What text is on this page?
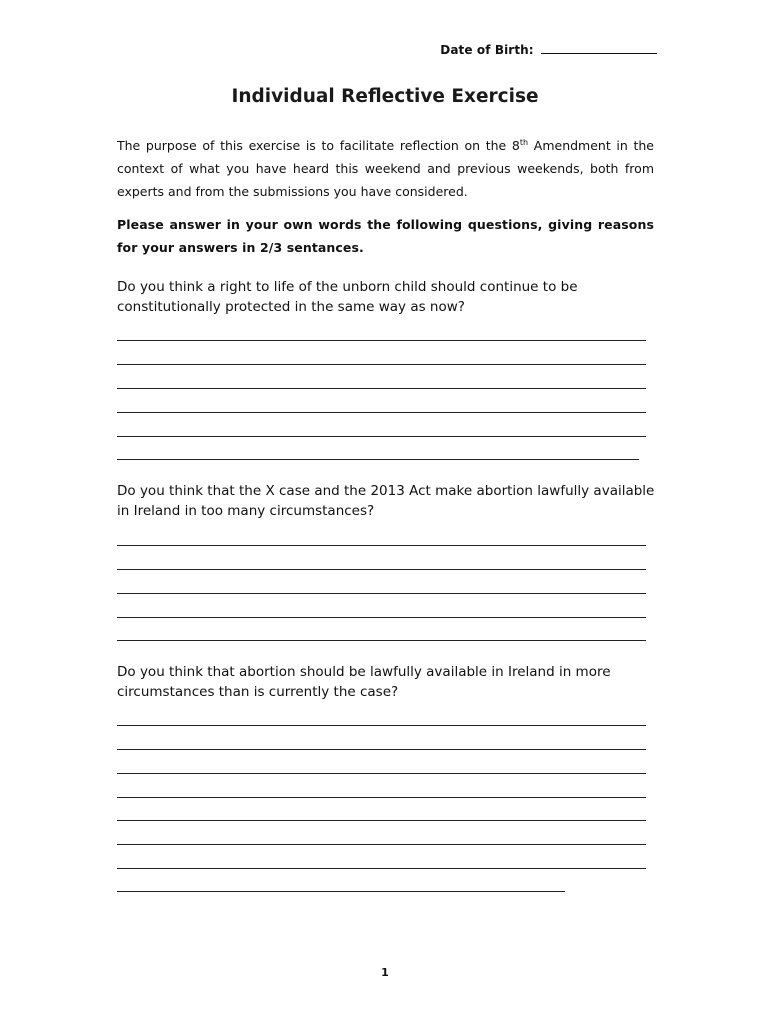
Date of Birth:
Individual Reflective Exercise

The purpose of this exercise is to facilitate reflection on the 8th Amendment in the context of what you have heard this weekend and previous weekends, both from experts and from the submissions you have considered.

Please answer in your own words the following questions, giving reasons for your answers in 2/3 sentances.

Do you think a right to life of the unborn child should continue to be constitutionally protected in the same way as now?

Do you think that the X case and the 2013 Act make abortion lawfully available in Ireland in too many circumstances?

Do you think that abortion should be lawfully available in Ireland in more circumstances than is currently the case?

1
